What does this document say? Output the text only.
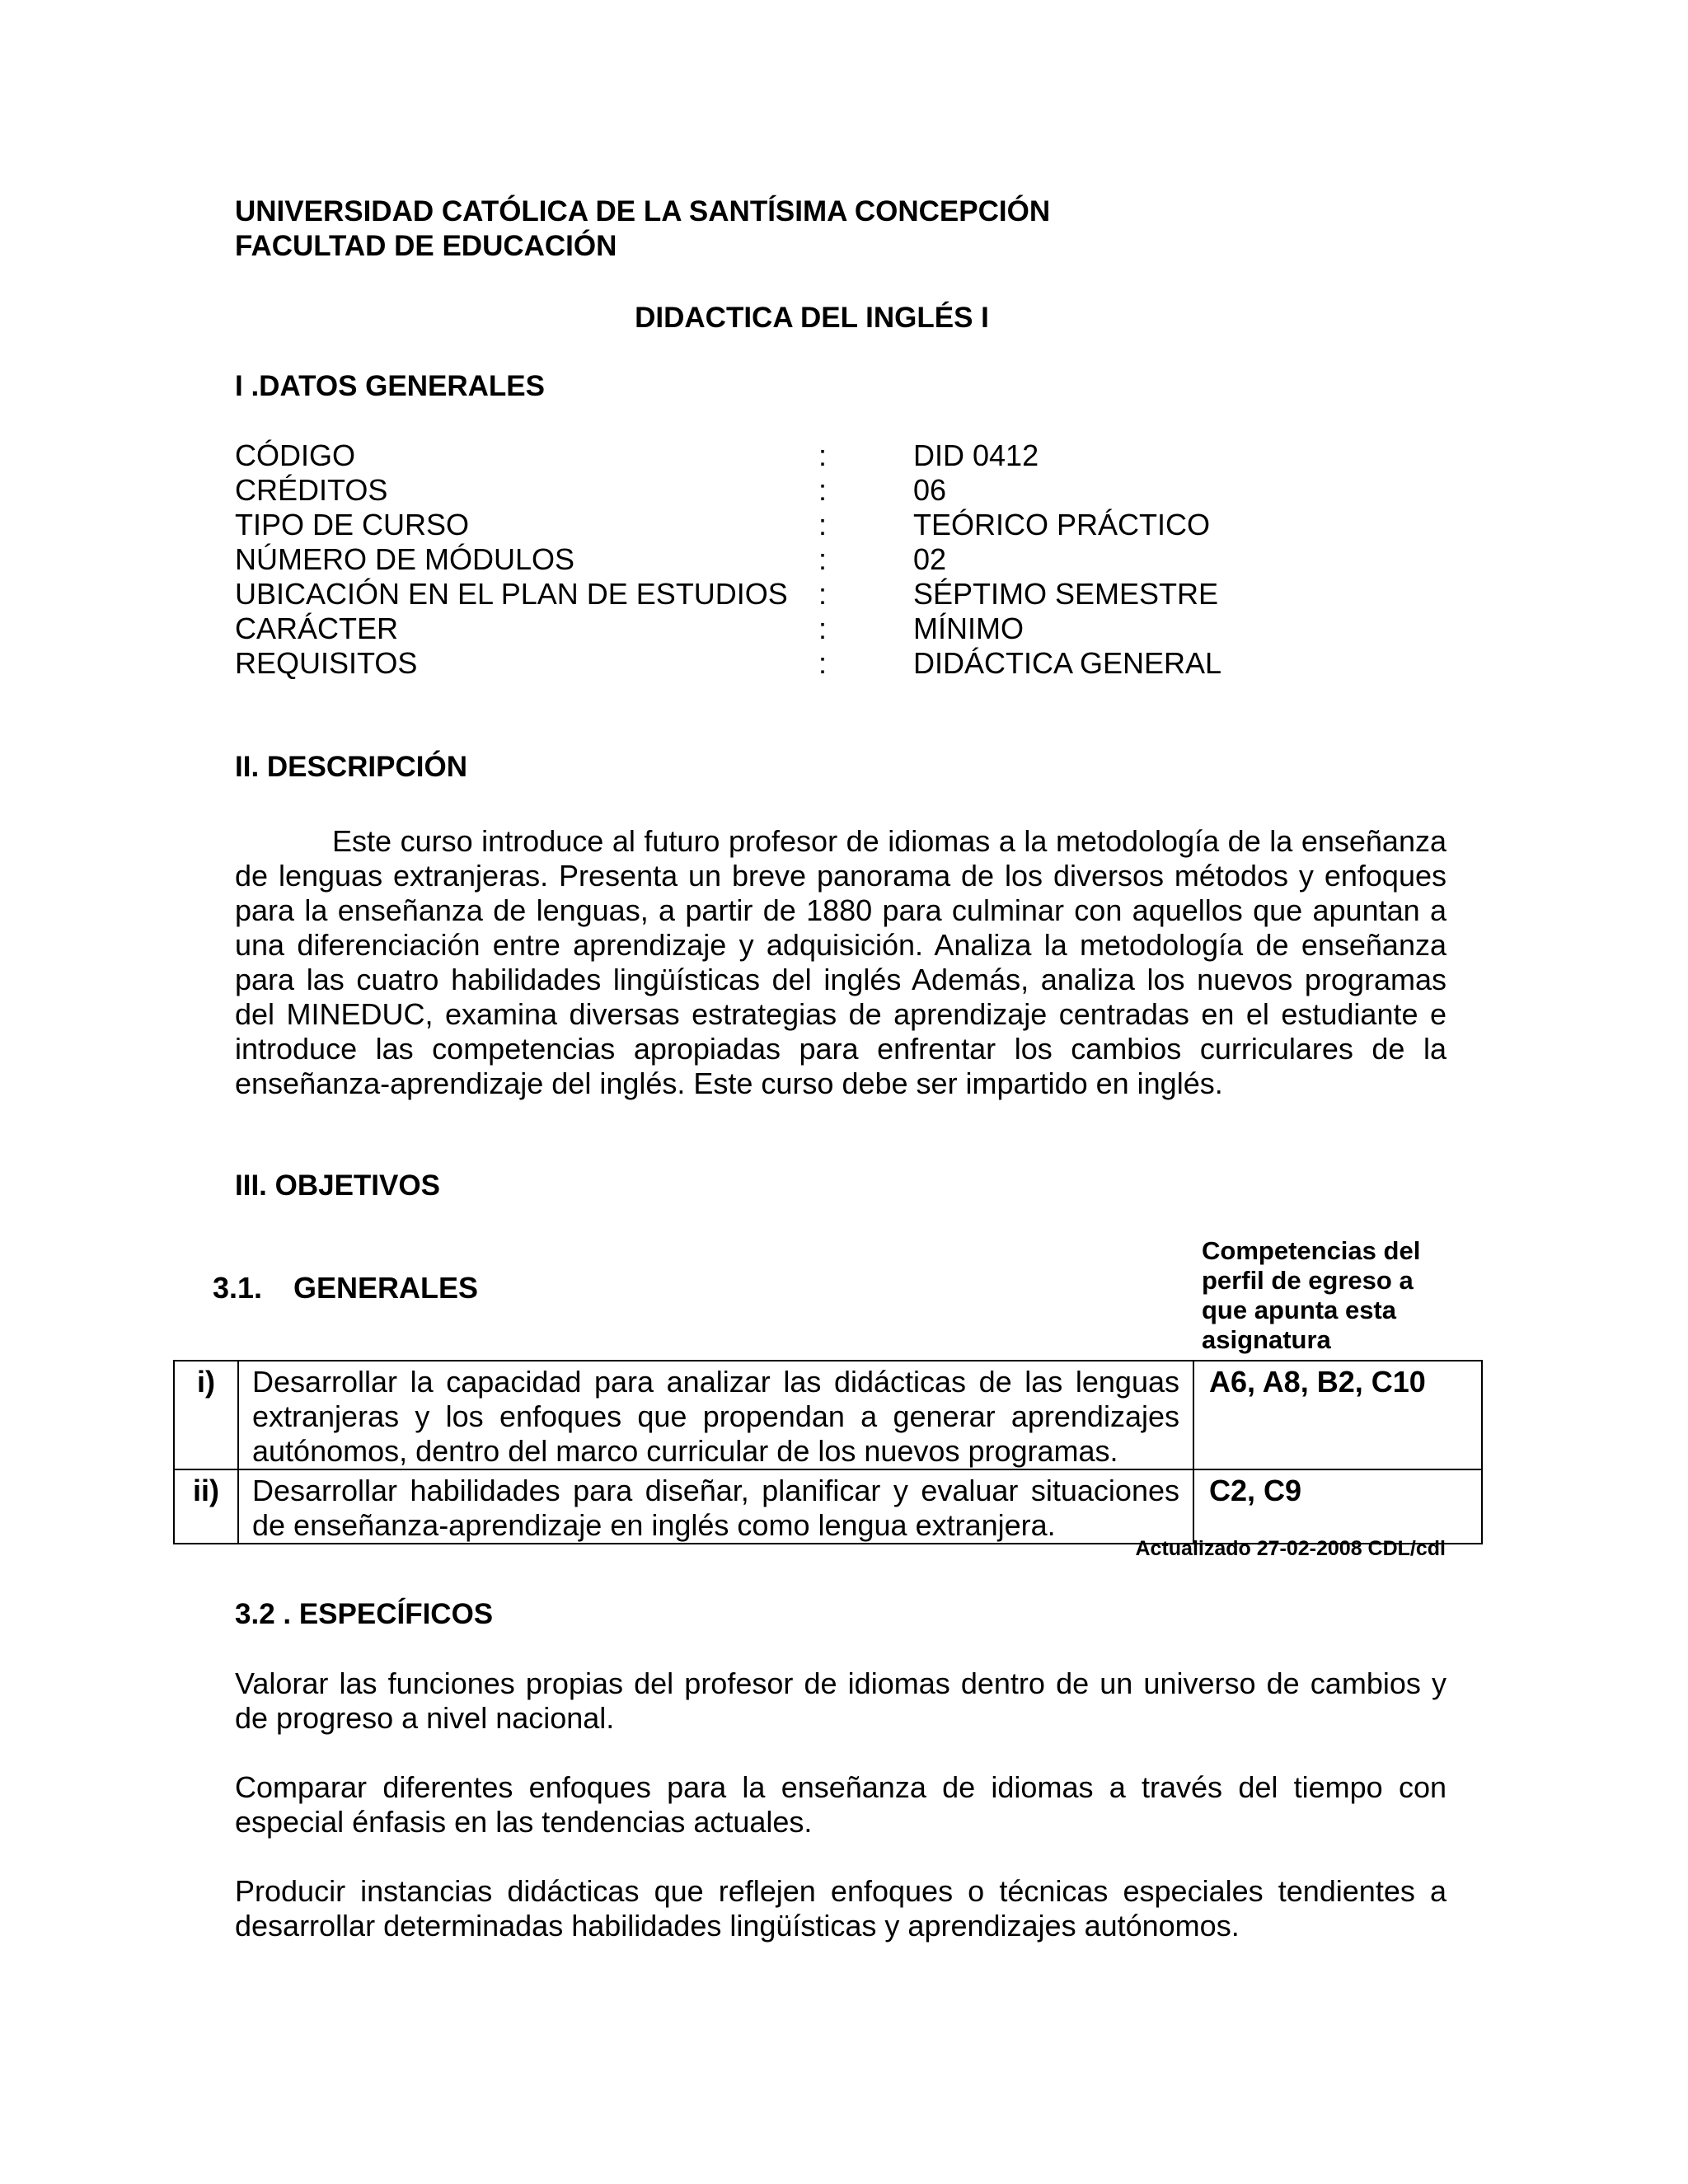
UNIVERSIDAD CATÓLICA DE LA SANTÍSIMA CONCEPCIÓN
FACULTAD DE EDUCACIÓN
DIDACTICA DEL INGLÉS I
I .DATOS GENERALES
CÓDIGO	:	DID 0412
CRÉDITOS	:	06
TIPO DE CURSO	:	TEÓRICO PRÁCTICO
NÚMERO DE MÓDULOS	:	02
UBICACIÓN EN EL PLAN DE ESTUDIOS :	SÉPTIMO SEMESTRE
CARÁCTER	:	MÍNIMO
REQUISITOS	:	DIDÁCTICA GENERAL
II. DESCRIPCIÓN
Este curso introduce al futuro profesor de idiomas a la metodología de la enseñanza de lenguas extranjeras. Presenta un breve panorama de los diversos métodos y enfoques para la enseñanza de lenguas, a partir de 1880 para culminar con aquellos que apuntan a una diferenciación entre aprendizaje y adquisición. Analiza la metodología de enseñanza para las cuatro habilidades lingüísticas del inglés Además, analiza los nuevos programas del MINEDUC, examina diversas estrategias de aprendizaje centradas en el estudiante e introduce las competencias apropiadas para enfrentar los cambios curriculares de la enseñanza-aprendizaje del inglés. Este curso debe ser impartido en inglés.
III. OBJETIVOS
3.1. GENERALES
Competencias del perfil de egreso a que apunta esta asignatura
i)	Desarrollar la capacidad para analizar las didácticas de las lenguas extranjeras y los enfoques que propendan a generar aprendizajes autónomos, dentro del marco curricular de los nuevos programas.	A6, A8, B2, C10
ii)	Desarrollar habilidades para diseñar, planificar y evaluar situaciones de enseñanza-aprendizaje en inglés como lengua extranjera.	C2, C9
Actualizado 27-02-2008 CDL/cdl
3.2 . ESPECÍFICOS
Valorar las funciones propias del profesor de idiomas dentro de un universo de cambios y de progreso a nivel nacional.
Comparar diferentes enfoques para la enseñanza de idiomas a través del tiempo con especial énfasis en las tendencias actuales.
Producir instancias didácticas que reflejen enfoques o técnicas especiales tendientes a desarrollar determinadas habilidades lingüísticas y aprendizajes autónomos.
